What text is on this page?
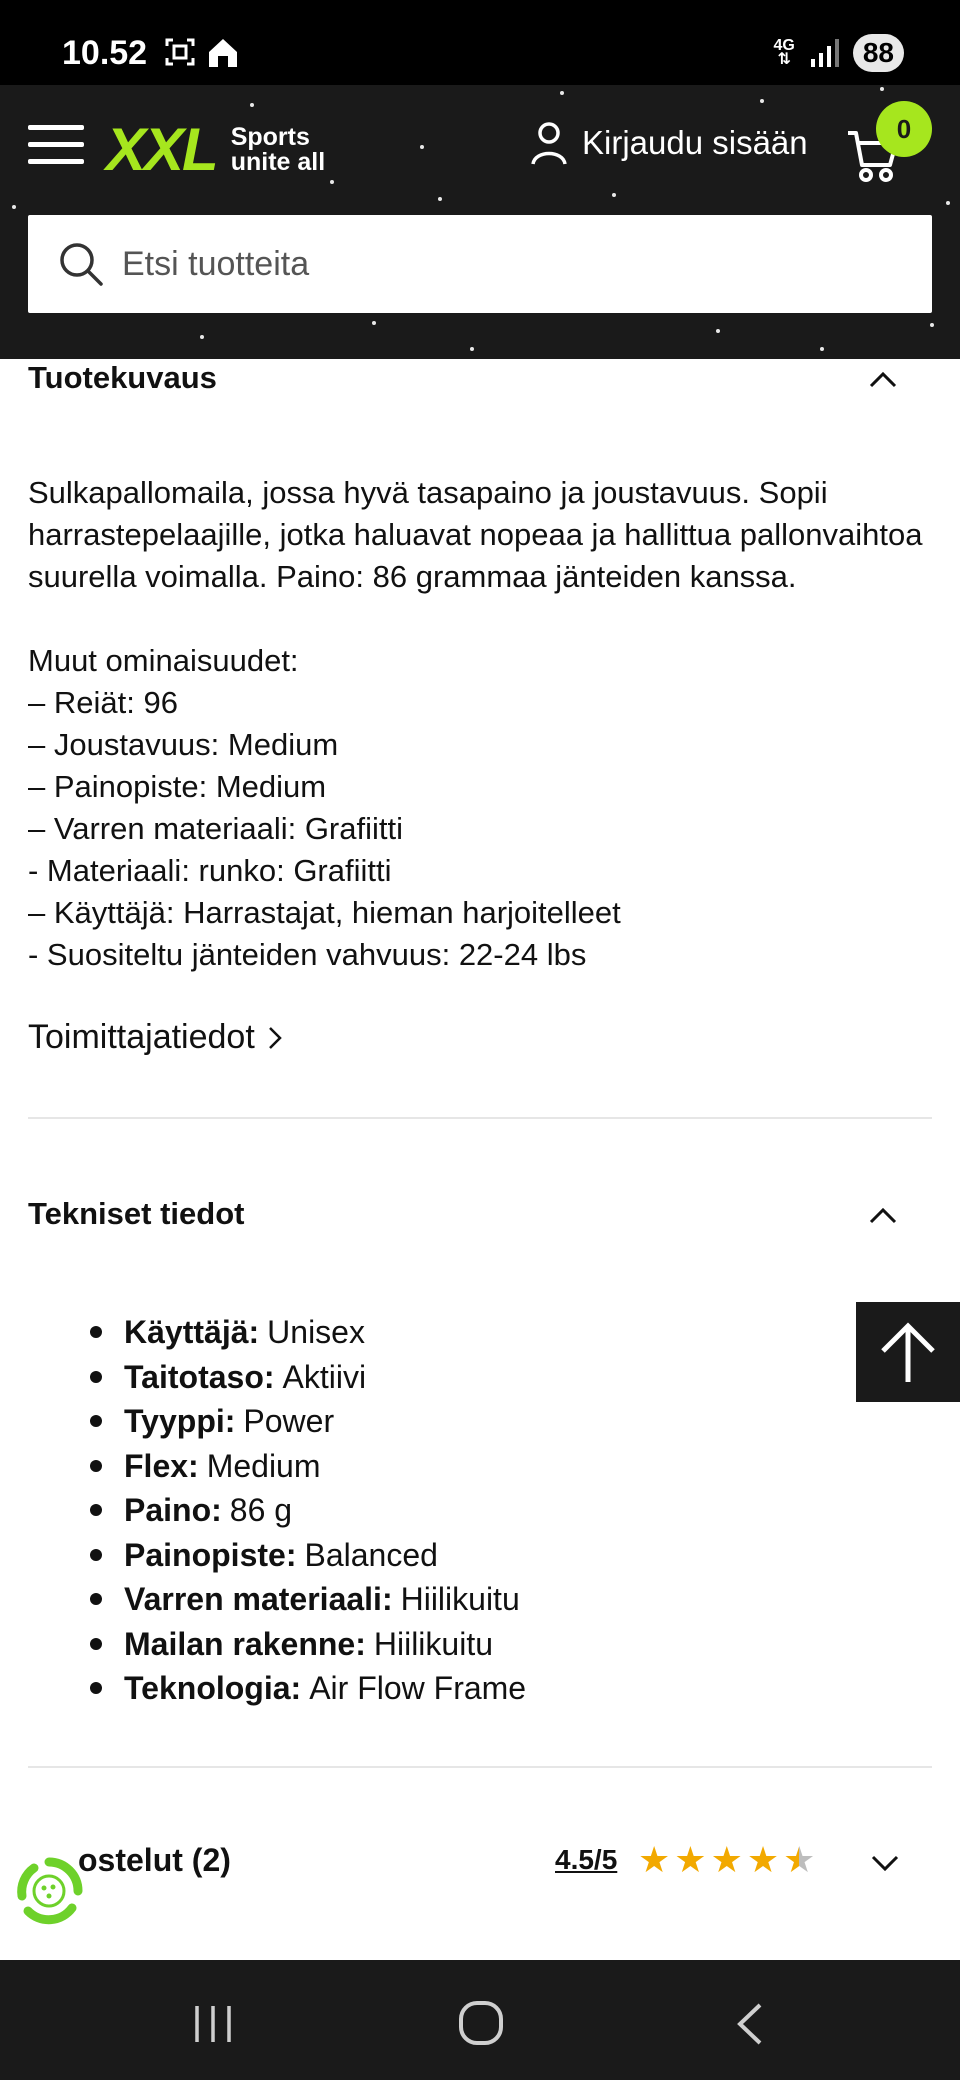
10.52	4G
⇅	88
XXL Sports
unite all
Kirjaudu sisään	0
Etsi tuotteita
Tuotekuvaus

Sulkapallomaila, jossa hyvä tasapaino ja joustavuus. Sopii harrastepelaajille, jotka haluavat nopeaa ja hallittua pallonvaihtoa suurella voimalla. Paino: 86 grammaa jänteiden kanssa.

Muut ominaisuudet:

– Reiät: 96

– Joustavuus: Medium

– Painopiste: Medium

– Varren materiaali: Grafiitti

- Materiaali: runko: Grafiitti

– Käyttäjä: Harrastajat, hieman harjoitelleet

- Suositeltu jänteiden vahvuus: 22-24 lbs

Toimittajatiedot
Tekniset tiedot
Käyttäjä: Unisex
Taitotaso: Aktiivi
Tyyppi: Power
Flex: Medium
Paino: 86 g
Painopiste: Balanced
Varren materiaali: Hiilikuitu
Mailan rakenne: Hiilikuitu
Teknologia: Air Flow Frame
ostelut (2)	4.5/5 ★ ★ ★ ★ ★
